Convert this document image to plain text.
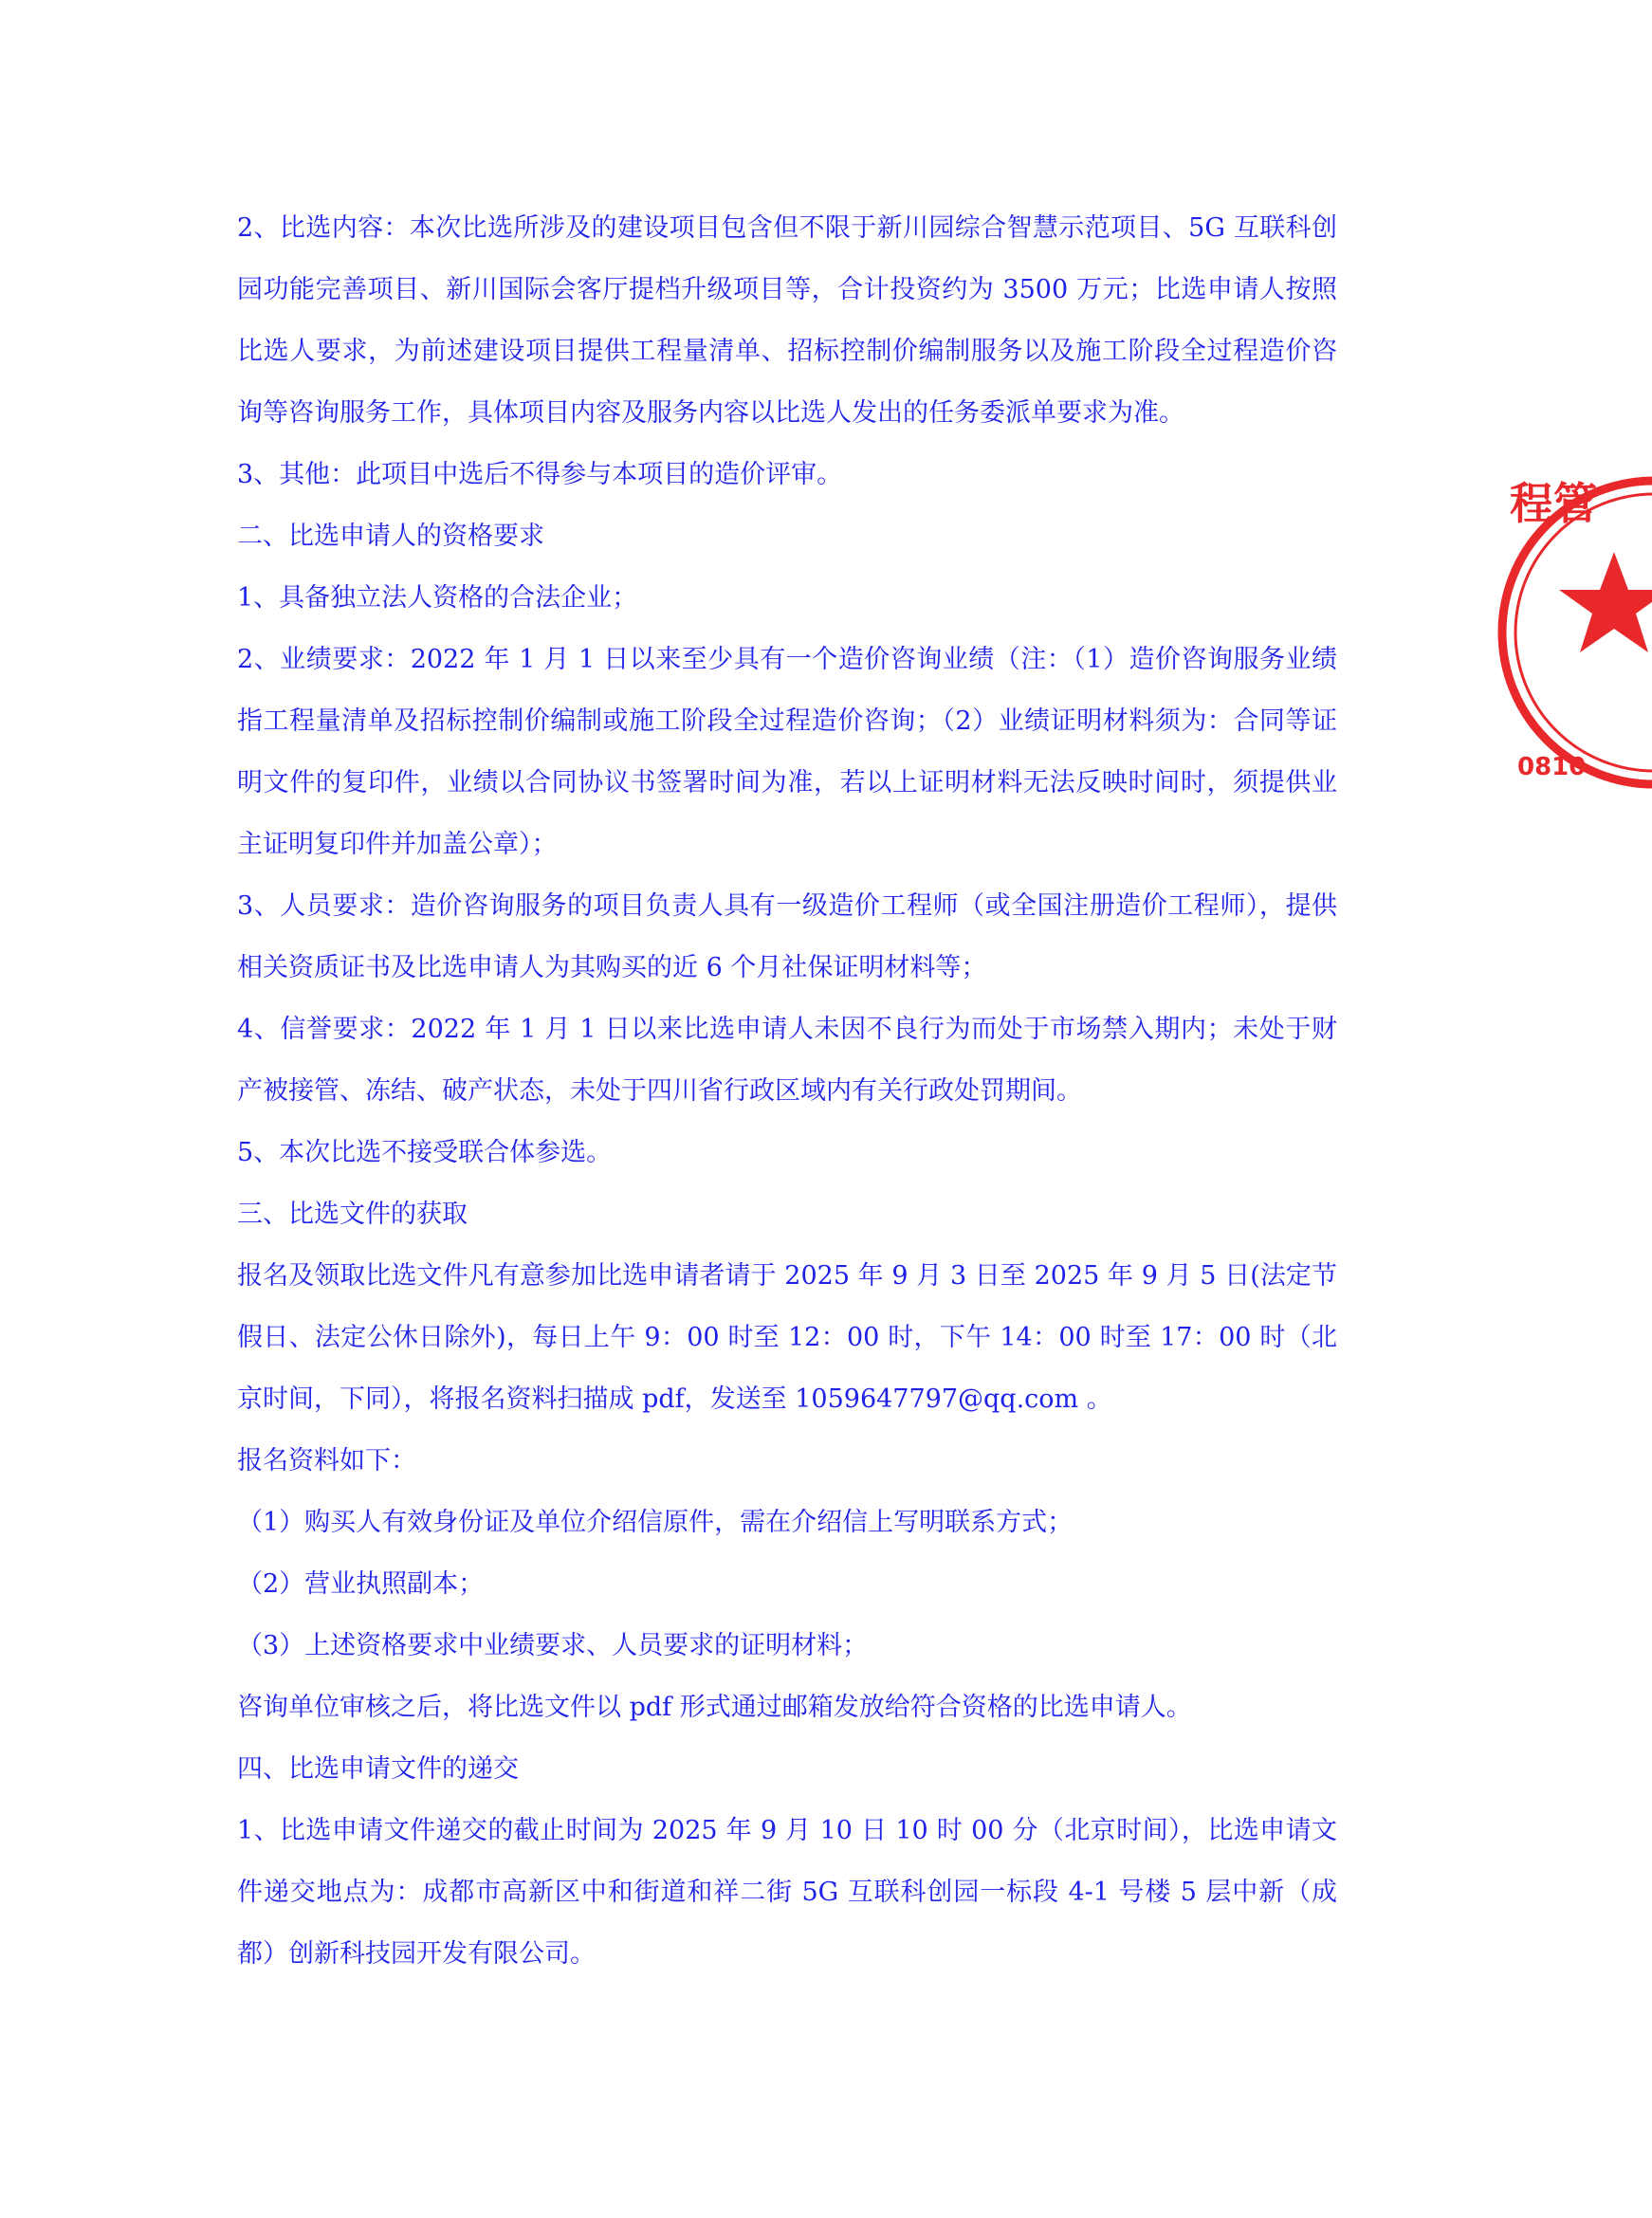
2、比选内容：本次比选所涉及的建设项目包含但不限于新川园综合智慧示范项目、5G 互联科创园功能完善项目、新川国际会客厅提档升级项目等，合计投资约为 3500 万元；比选申请人按照比选人要求，为前述建设项目提供工程量清单、招标控制价编制服务以及施工阶段全过程造价咨询等咨询服务工作，具体项目内容及服务内容以比选人发出的任务委派单要求为准。

3、其他：此项目中选后不得参与本项目的造价评审。

二、比选申请人的资格要求

1、具备独立法人资格的合法企业；

2、业绩要求：2022 年 1 月 1 日以来至少具有一个造价咨询业绩（注：（1）造价咨询服务业绩指工程量清单及招标控制价编制或施工阶段全过程造价咨询；（2）业绩证明材料须为：合同等证明文件的复印件，业绩以合同协议书签署时间为准，若以上证明材料无法反映时间时，须提供业主证明复印件并加盖公章）；

3、人员要求：造价咨询服务的项目负责人具有一级造价工程师（或全国注册造价工程师），提供相关资质证书及比选申请人为其购买的近 6 个月社保证明材料等；

4、信誉要求：2022 年 1 月 1 日以来比选申请人未因不良行为而处于市场禁入期内；未处于财产被接管、冻结、破产状态，未处于四川省行政区域内有关行政处罚期间。

5、本次比选不接受联合体参选。

三、比选文件的获取

报名及领取比选文件凡有意参加比选申请者请于 2025 年 9 月 3 日至 2025 年 9 月 5 日(法定节假日、法定公休日除外)，每日上午 9：00 时至 12：00 时，下午 14：00 时至 17：00 时（北京时间，下同），将报名资料扫描成 pdf，发送至 1059647797@qq.com 。

报名资料如下：

（1）购买人有效身份证及单位介绍信原件，需在介绍信上写明联系方式；

（2）营业执照副本；

（3）上述资格要求中业绩要求、人员要求的证明材料；

咨询单位审核之后，将比选文件以 pdf 形式通过邮箱发放给符合资格的比选申请人。

四、比选申请文件的递交

1、比选申请文件递交的截止时间为 2025 年 9 月 10 日 10 时 00 分（北京时间），比选申请文件递交地点为：成都市高新区中和街道和祥二街 5G 互联科创园一标段 4-1 号楼 5 层中新（成都）创新科技园开发有限公司。

程管
0810
